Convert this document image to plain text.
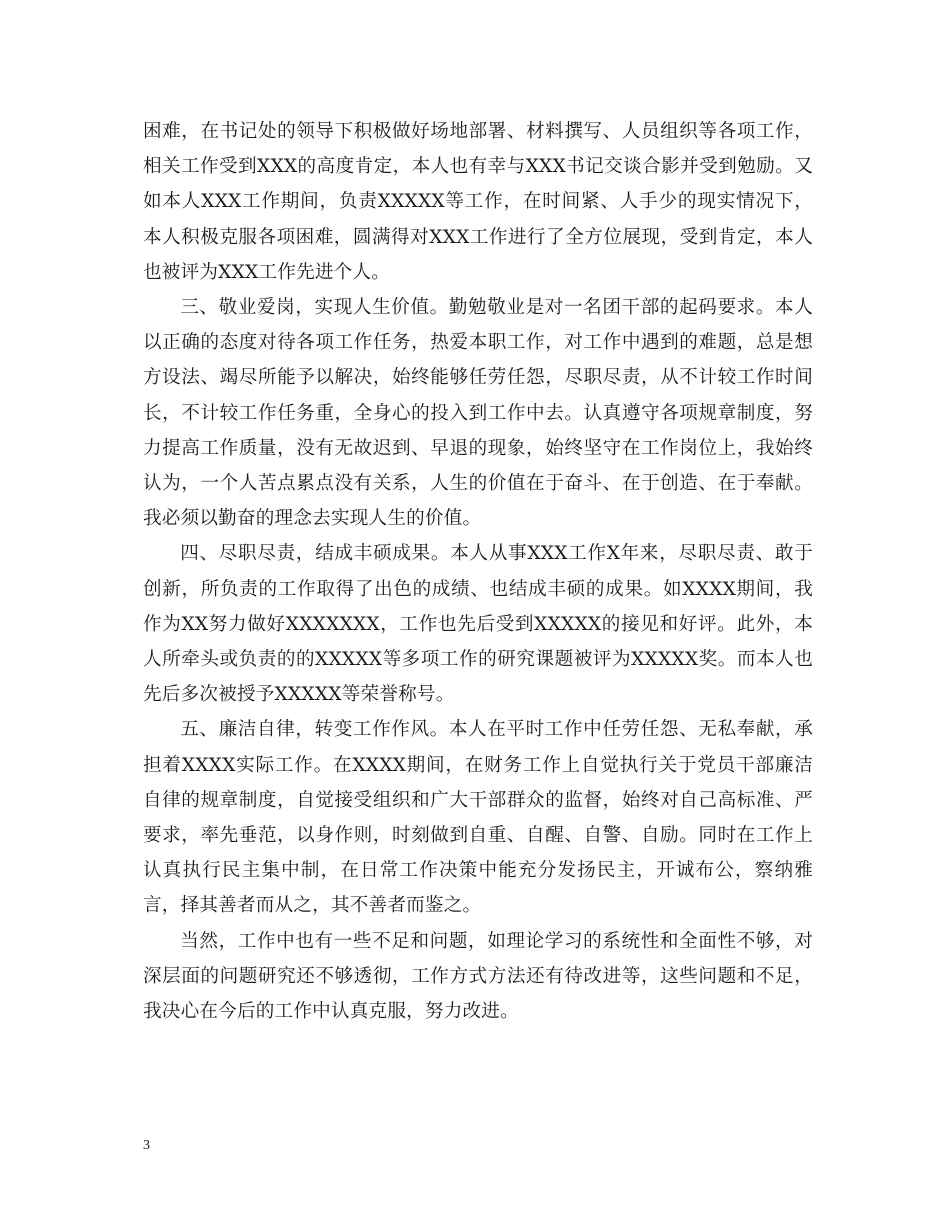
困难，在书记处的领导下积极做好场地部署、材料撰写、人员组织等各项工作，相关工作受到XXX的高度肯定，本人也有幸与XXX书记交谈合影并受到勉励。又如本人XXX工作期间，负责XXXXX等工作，在时间紧、人手少的现实情况下，本人积极克服各项困难，圆满得对XXX工作进行了全方位展现，受到肯定，本人也被评为XXX工作先进个人。

三、敬业爱岗，实现人生价值。勤勉敬业是对一名团干部的起码要求。本人以正确的态度对待各项工作任务，热爱本职工作，对工作中遇到的难题，总是想方设法、竭尽所能予以解决，始终能够任劳任怨，尽职尽责，从不计较工作时间长，不计较工作任务重，全身心的投入到工作中去。认真遵守各项规章制度，努力提高工作质量，没有无故迟到、早退的现象，始终坚守在工作岗位上，我始终认为，一个人苦点累点没有关系，人生的价值在于奋斗、在于创造、在于奉献。我必须以勤奋的理念去实现人生的价值。

四、尽职尽责，结成丰硕成果。本人从事XXX工作X年来，尽职尽责、敢于创新，所负责的工作取得了出色的成绩、也结成丰硕的成果。如XXXX期间，我作为XX努力做好XXXXXXX，工作也先后受到XXXXX的接见和好评。此外，本人所牵头或负责的的XXXXX等多项工作的研究课题被评为XXXXX奖。而本人也先后多次被授予XXXXX等荣誉称号。

五、廉洁自律，转变工作作风。本人在平时工作中任劳任怨、无私奉献，承担着XXXX实际工作。在XXXX期间，在财务工作上自觉执行关于党员干部廉洁自律的规章制度，自觉接受组织和广大干部群众的监督，始终对自己高标准、严要求，率先垂范，以身作则，时刻做到自重、自醒、自警、自励。同时在工作上认真执行民主集中制，在日常工作决策中能充分发扬民主，开诚布公，察纳雅言，择其善者而从之，其不善者而鉴之。

当然，工作中也有一些不足和问题，如理论学习的系统性和全面性不够，对深层面的问题研究还不够透彻，工作方式方法还有待改进等，这些问题和不足，我决心在今后的工作中认真克服，努力改进。

3
